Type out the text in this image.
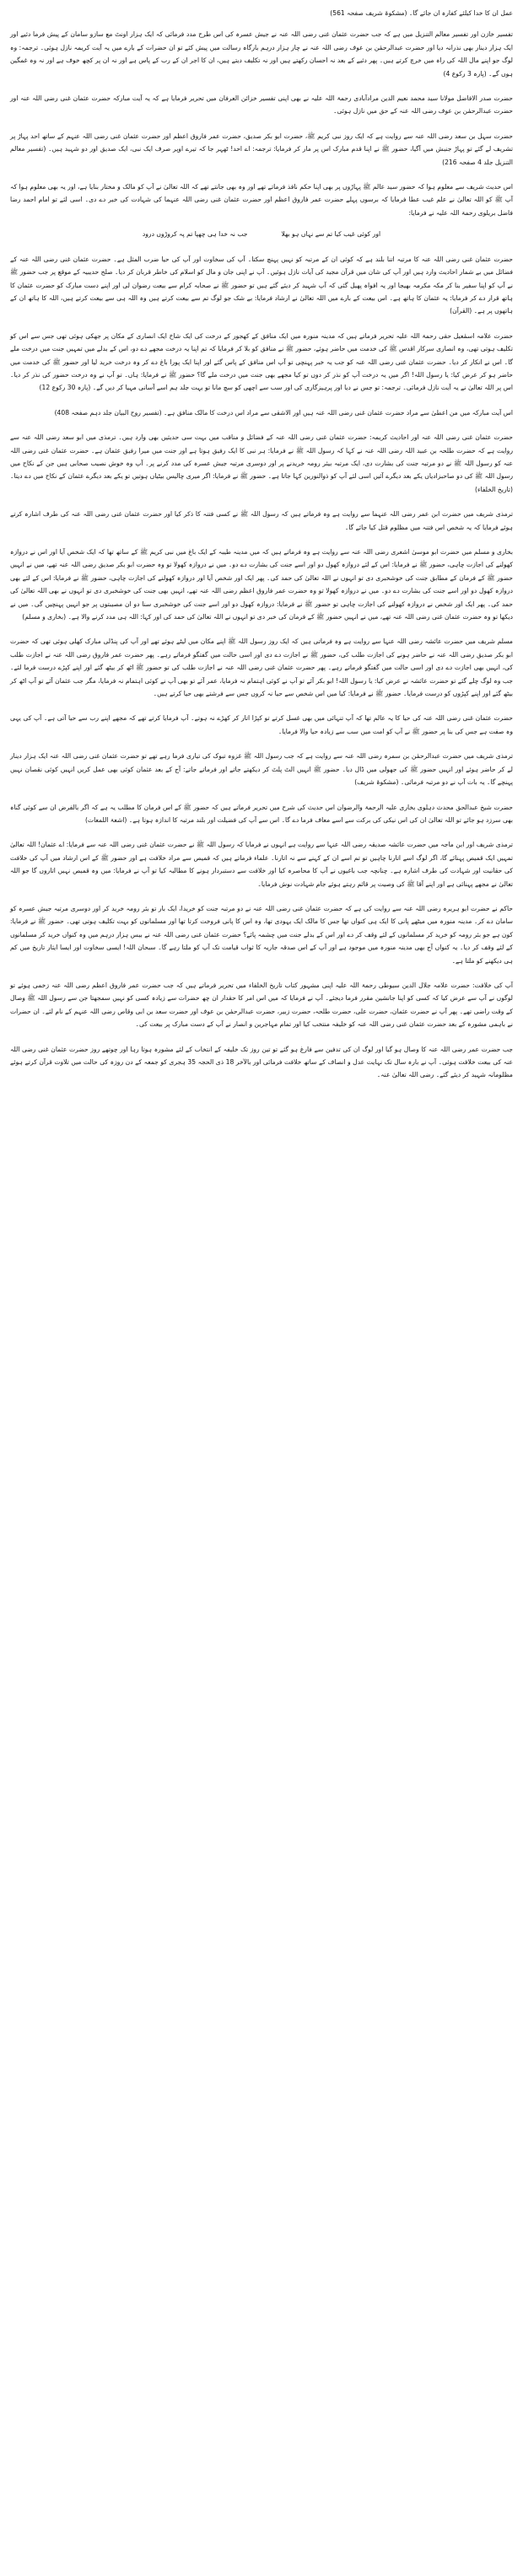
عمل ان کا خدا کیلئے کفارہ ان جائے گا۔ (مشکوۃ شریف صفحہ 561)

تفسیر خازن اور تفسیر معالم التنزیل میں ہے کہ جب حضرت عثمان غنی رضی اللہ عنہ نے جیش عسرہ کی اس طرح مدد فرمائی کہ ایک ہزار اونٹ مع سازو سامان کے پیش فرما دئیے اور ایک ہزار دینار بھی نذرانہ دیا اور حضرت عبدالرحمٰن بن عوف رضی اللہ عنہ نے چار ہزار درہم بارگاہ رسالت میں پیش کئے تو ان حضرات کے بارے میں یہ آیت کریمہ نازل ہوئی۔ ترجمہ: وہ لوگ جو اپنے مال اللہ کی راہ میں خرچ کرتے ہیں۔ پھر دئیے کے بعد نہ احسان رکھتے ہیں اور نہ تکلیف دیتے ہیں، ان کا اجر ان کے رب کے پاس ہے اور نہ ان پر کچھ خوف ہے اور نہ وہ غمگین ہوں گے۔ (پارہ 3 رکوع 4)

حضرت صدر الافاضل مولانا سید محمد نعیم الدین مرادآبادی رحمۃ اللہ علیہ نے بھی اپنی تفسیر خزائن العرفان میں تحریر فرمایا ہے کہ یہ آیت مبارکہ حضرت عثمان غنی رضی اللہ عنہ اور حضرت عبدالرحمٰن بن عوف رضی اللہ عنہ کے حق میں نازل ہوئی۔

حضرت سہل بن سعد رضی اللہ عنہ سے روایت ہے کہ ایک روز نبی کریم ﷺ، حضرت ابو بکر صدیق، حضرت عمر فاروق اعظم اور حضرت عثمان غنی رضی اللہ عنہم کے ساتھ احد پہاڑ پر تشریف لے گئے تو پہاڑ جنبش میں آگیا، حضور ﷺ نے اپنا قدم مبارک اس پر مار کر فرمایا: ترجمہ: اے احد! ٹھہر جا کہ تیرے اوپر صرف ایک نبی، ایک صدیق اور دو شہید ہیں۔ (تفسیر معالم التنزیل جلد 4 صفحہ 216)

اس حدیث شریف سے معلوم ہوا کہ حضور سید عالم ﷺ پہاڑوں پر بھی اپنا حکم نافذ فرماتے تھے اور وہ بھی جانتے تھے کہ اللہ تعالیٰ نے آپ کو مالک و مختار بنایا ہے، اور یہ بھی معلوم ہوا کہ آپ ﷺ کو اللہ تعالیٰ نے علم غیب عطا فرمایا کہ برسوں پہلے حضرت عمر فاروق اعظم اور حضرت عثمان غنی رضی اللہ عنہما کی شہادت کی خبر دے دی۔ اسی لئے تو امام احمد رضا فاضل بریلوی رحمۃ اللہ علیہ نے فرمایا:

اور کوئی غیب کیا تم سے نہاں ہو بھلا
جب نہ خدا ہی چھپا تم پہ کروڑوں درود

حضرت عثمان غنی رضی اللہ عنہ کا مرتبہ اتنا بلند ہے کہ کوئی ان کے مرتبہ کو نہیں پہنچ سکتا۔ آپ کی سخاوت اور آپ کی حیا ضرب المثل ہے۔ حضرت عثمان غنی رضی اللہ عنہ کے فضائل میں بے شمار احادیث وارد ہیں اور آپ کی شان میں قرآن مجید کی آیات نازل ہوئیں۔ آپ نے اپنی جان و مال کو اسلام کی خاطر قربان کر دیا۔ صلح حدیبیہ کے موقع پر جب حضور ﷺ نے آپ کو اپنا سفیر بنا کر مکہ مکرمہ بھیجا اور یہ افواہ پھیل گئی کہ آپ شہید کر دیئے گئے ہیں تو حضور ﷺ نے صحابہ کرام سے بیعت رضوان لی اور اپنے دست مبارک کو حضرت عثمان کا ہاتھ قرار دے کر فرمایا: یہ عثمان کا ہاتھ ہے۔ اس بیعت کے بارے میں اللہ تعالیٰ نے ارشاد فرمایا: بے شک جو لوگ تم سے بیعت کرتے ہیں وہ اللہ ہی سے بیعت کرتے ہیں، اللہ کا ہاتھ ان کے ہاتھوں پر ہے۔ (القرآن)

حضرت علامہ اسمٰعیل حقی رحمۃ اللہ علیہ تحریر فرماتے ہیں کہ مدینہ منورہ میں ایک منافق کے کھجور کے درخت کی ایک شاخ ایک انصاری کے مکان پر جھکی ہوئی تھی جس سے اس کو تکلیف ہوتی تھی، وہ انصاری سرکار اقدس ﷺ کی خدمت میں حاضر ہوئے، حضور ﷺ نے منافق کو بلا کر فرمایا کہ تم اپنا یہ درخت مجھے دے دو، اس کے بدلے میں تمہیں جنت میں درخت ملے گا۔ اس نے انکار کر دیا۔ حضرت عثمان غنی رضی اللہ عنہ کو جب یہ خبر پہنچی تو آپ اس منافق کے پاس گئے اور اپنا ایک پورا باغ دے کر وہ درخت خرید لیا اور حضور ﷺ کی خدمت میں حاضر ہو کر عرض کیا: یا رسول اللہ! اگر میں یہ درخت آپ کو نذر کر دوں تو کیا مجھے بھی جنت میں درخت ملے گا؟ حضور ﷺ نے فرمایا: ہاں۔ تو آپ نے وہ درخت حضور کی نذر کر دیا۔ اس پر اللہ تعالیٰ نے یہ آیت نازل فرمائی۔ ترجمہ: تو جس نے دیا اور پرہیزگاری کی اور سب سے اچھی کو سچ مانا تو بہت جلد ہم اسے آسانی مہیا کر دیں گے۔ (پارہ 30 رکوع 12)

اس آیت مبارکہ میں من اعطیٰ سے مراد حضرت عثمان غنی رضی اللہ عنہ ہیں اور الاشقی سے مراد اس درخت کا مالک منافق ہے۔ (تفسیر روح البیان جلد دہم صفحہ 408)

حضرت عثمان غنی رضی اللہ عنہ اور احادیث کریمہ: حضرت عثمان غنی رضی اللہ عنہ کے فضائل و مناقب میں بہت سی حدیثیں بھی وارد ہیں۔ ترمذی میں ابو سعد رضی اللہ عنہ سے روایت ہے کہ حضرت طلحہ بن عبید اللہ رضی اللہ عنہ نے کہا کہ رسول اللہ ﷺ نے فرمایا: ہر نبی کا ایک رفیق ہوتا ہے اور جنت میں میرا رفیق عثمان ہے۔ حضرت عثمان غنی رضی اللہ عنہ کو رسول اللہ ﷺ نے دو مرتبہ جنت کی بشارت دی، ایک مرتبہ بیئر رومہ خریدنے پر اور دوسری مرتبہ جیش عسرہ کی مدد کرنے پر۔ آپ وہ خوش نصیب صحابی ہیں جن کے نکاح میں رسول اللہ ﷺ کی دو صاحبزادیاں یکے بعد دیگرے آئیں اسی لئے آپ کو ذوالنورین کہا جاتا ہے۔ حضور ﷺ نے فرمایا: اگر میری چالیس بیٹیاں ہوتیں تو یکے بعد دیگرے عثمان کے نکاح میں دے دیتا۔ (تاریخ الخلفاء)

ترمذی شریف میں حضرت ابن عمر رضی اللہ عنہما سے روایت ہے وہ فرماتے ہیں کہ رسول اللہ ﷺ نے کسی فتنہ کا ذکر کیا اور حضرت عثمان غنی رضی اللہ عنہ کی طرف اشارہ کرتے ہوئے فرمایا کہ یہ شخص اس فتنہ میں مظلوم قتل کیا جائے گا۔

بخاری و مسلم میں حضرت ابو موسیٰ اشعری رضی اللہ عنہ سے روایت ہے وہ فرماتے ہیں کہ میں مدینہ طیبہ کے ایک باغ میں نبی کریم ﷺ کے ساتھ تھا کہ ایک شخص آیا اور اس نے دروازہ کھولنے کی اجازت چاہی، حضور ﷺ نے فرمایا: اس کے لئے دروازہ کھول دو اور اسے جنت کی بشارت دے دو۔ میں نے دروازہ کھولا تو وہ حضرت ابو بکر صدیق رضی اللہ عنہ تھے، میں نے انہیں حضور ﷺ کے فرمان کے مطابق جنت کی خوشخبری دی تو انہوں نے اللہ تعالیٰ کی حمد کی۔ پھر ایک اور شخص آیا اور دروازہ کھولنے کی اجازت چاہی، حضور ﷺ نے فرمایا: اس کے لئے بھی دروازہ کھول دو اور اسے جنت کی بشارت دے دو۔ میں نے دروازہ کھولا تو وہ حضرت عمر فاروق اعظم رضی اللہ عنہ تھے، انہیں بھی جنت کی خوشخبری دی تو انہوں نے بھی اللہ تعالیٰ کی حمد کی۔ پھر ایک اور شخص نے دروازہ کھولنے کی اجازت چاہی تو حضور ﷺ نے فرمایا: دروازہ کھول دو اور اسے جنت کی خوشخبری سنا دو ان مصیبتوں پر جو انہیں پہنچیں گی۔ میں نے دیکھا تو وہ حضرت عثمان غنی رضی اللہ عنہ تھے، میں نے انہیں حضور ﷺ کے فرمان کی خبر دی تو انہوں نے اللہ تعالیٰ کی حمد کی اور کہا: اللہ ہی مدد کرنے والا ہے۔ (بخاری و مسلم)

مسلم شریف میں حضرت عائشہ رضی اللہ عنہا سے روایت ہے وہ فرماتی ہیں کہ ایک روز رسول اللہ ﷺ اپنے مکان میں لیٹے ہوئے تھے اور آپ کی پنڈلی مبارک کھلی ہوئی تھی کہ حضرت ابو بکر صدیق رضی اللہ عنہ نے حاضر ہونے کی اجازت طلب کی، حضور ﷺ نے اجازت دے دی اور اسی حالت میں گفتگو فرماتے رہے۔ پھر حضرت عمر فاروق رضی اللہ عنہ نے اجازت طلب کی، انہیں بھی اجازت دے دی اور اسی حالت میں گفتگو فرماتے رہے۔ پھر حضرت عثمان غنی رضی اللہ عنہ نے اجازت طلب کی تو حضور ﷺ اٹھ کر بیٹھ گئے اور اپنے کپڑے درست فرما لئے۔ جب وہ لوگ چلے گئے تو حضرت عائشہ نے عرض کیا: یا رسول اللہ! ابو بکر آئے تو آپ نے کوئی اہتمام نہ فرمایا، عمر آئے تو بھی آپ نے کوئی اہتمام نہ فرمایا، مگر جب عثمان آئے تو آپ اٹھ کر بیٹھ گئے اور اپنے کپڑوں کو درست فرمایا۔ حضور ﷺ نے فرمایا: کیا میں اس شخص سے حیا نہ کروں جس سے فرشتے بھی حیا کرتے ہیں۔

حضرت عثمان غنی رضی اللہ عنہ کی حیا کا یہ عالم تھا کہ آپ تنہائی میں بھی غسل کرتے تو کپڑا اتار کر کھڑے نہ ہوتے۔ آپ فرمایا کرتے تھے کہ مجھے اپنے رب سے حیا آتی ہے۔ آپ کی یہی وہ صفت ہے جس کی بنا پر حضور ﷺ نے آپ کو امت میں سب سے زیادہ حیا والا فرمایا۔

ترمذی شریف میں حضرت عبدالرحمٰن بن سمرہ رضی اللہ عنہ سے روایت ہے کہ جب رسول اللہ ﷺ غزوہ تبوک کی تیاری فرما رہے تھے تو حضرت عثمان غنی رضی اللہ عنہ ایک ہزار دینار لے کر حاضر ہوئے اور انہیں حضور ﷺ کی جھولی میں ڈال دیا۔ حضور ﷺ انہیں الٹ پلٹ کر دیکھتے جاتے اور فرماتے جاتے: آج کے بعد عثمان کوئی بھی عمل کریں انہیں کوئی نقصان نہیں پہنچے گا۔ یہ بات آپ نے دو مرتبہ فرمائی۔ (مشکوۃ شریف)

حضرت شیخ عبدالحق محدث دہلوی بخاری علیہ الرحمۃ والرضوان اس حدیث کی شرح میں تحریر فرماتے ہیں کہ حضور ﷺ کے اس فرمان کا مطلب یہ ہے کہ اگر بالفرض ان سے کوئی گناہ بھی سرزد ہو جائے تو اللہ تعالیٰ ان کی اس نیکی کی برکت سے اسے معاف فرما دے گا۔ اس سے آپ کی فضیلت اور بلند مرتبہ کا اندازہ ہوتا ہے۔ (اشعۃ اللمعات)

ترمذی شریف اور ابن ماجہ میں حضرت عائشہ صدیقہ رضی اللہ عنہا سے روایت ہے انہوں نے فرمایا کہ رسول اللہ ﷺ نے حضرت عثمان غنی رضی اللہ عنہ سے فرمایا: اے عثمان! اللہ تعالیٰ تمہیں ایک قمیص پہنائے گا، اگر لوگ اسے اتارنا چاہیں تو تم اسے ان کے کہنے سے نہ اتارنا۔ علماء فرماتے ہیں کہ قمیص سے مراد خلافت ہے اور حضور ﷺ کے اس ارشاد میں آپ کی خلافت کی حقانیت اور شہادت کی طرف اشارہ ہے۔ چنانچہ جب باغیوں نے آپ کا محاصرہ کیا اور خلافت سے دستبردار ہونے کا مطالبہ کیا تو آپ نے فرمایا: میں وہ قمیص نہیں اتاروں گا جو اللہ تعالیٰ نے مجھے پہنائی ہے اور اپنے آقا ﷺ کی وصیت پر قائم رہتے ہوئے جام شہادت نوش فرمایا۔

حاکم نے حضرت ابو ہریرہ رضی اللہ عنہ سے روایت کی ہے کہ حضرت عثمان غنی رضی اللہ عنہ نے دو مرتبہ جنت کو خریدا، ایک بار تو بئر رومہ خرید کر اور دوسری مرتبہ جیش عسرہ کو سامان دے کر۔ مدینہ منورہ میں میٹھے پانی کا ایک ہی کنواں تھا جس کا مالک ایک یہودی تھا، وہ اس کا پانی فروخت کرتا تھا اور مسلمانوں کو بہت تکلیف ہوتی تھی۔ حضور ﷺ نے فرمایا: کون ہے جو بئر رومہ کو خرید کر مسلمانوں کے لئے وقف کر دے اور اس کے بدلے جنت میں چشمہ پائے؟ حضرت عثمان غنی رضی اللہ عنہ نے بیس ہزار درہم میں وہ کنواں خرید کر مسلمانوں کے لئے وقف کر دیا۔ یہ کنواں آج بھی مدینہ منورہ میں موجود ہے اور آپ کے اس صدقہ جاریہ کا ثواب قیامت تک آپ کو ملتا رہے گا۔ سبحان اللہ! ایسی سخاوت اور ایسا ایثار تاریخ میں کم ہی دیکھنے کو ملتا ہے۔

آپ کی خلافت: حضرت علامہ جلال الدین سیوطی رحمۃ اللہ علیہ اپنی مشہور کتاب تاریخ الخلفاء میں تحریر فرماتے ہیں کہ جب حضرت عمر فاروق اعظم رضی اللہ عنہ زخمی ہوئے تو لوگوں نے آپ سے عرض کیا کہ کسی کو اپنا جانشین مقرر فرما دیجئے۔ آپ نے فرمایا کہ میں اس امر کا حقدار ان چھ حضرات سے زیادہ کسی کو نہیں سمجھتا جن سے رسول اللہ ﷺ وصال کے وقت راضی تھے۔ پھر آپ نے حضرت عثمان، حضرت علی، حضرت طلحہ، حضرت زبیر، حضرت عبدالرحمٰن بن عوف اور حضرت سعد بن ابی وقاص رضی اللہ عنہم کے نام لئے۔ ان حضرات نے باہمی مشورہ کے بعد حضرت عثمان غنی رضی اللہ عنہ کو خلیفہ منتخب کیا اور تمام مہاجرین و انصار نے آپ کے دست مبارک پر بیعت کی۔

جب حضرت عمر رضی اللہ عنہ کا وصال ہو گیا اور لوگ ان کی تدفین سے فارغ ہو گئے تو تین روز تک خلیفہ کے انتخاب کے لئے مشورہ ہوتا رہا اور چوتھے روز حضرت عثمان غنی رضی اللہ عنہ کی بیعت خلافت ہوئی۔ آپ نے بارہ سال تک نہایت عدل و انصاف کے ساتھ خلافت فرمائی اور بالآخر 18 ذی الحجہ 35 ہجری کو جمعہ کے دن روزہ کی حالت میں تلاوت قرآن کرتے ہوئے مظلومانہ شہید کر دیئے گئے۔ رضی اللہ تعالیٰ عنہ۔
